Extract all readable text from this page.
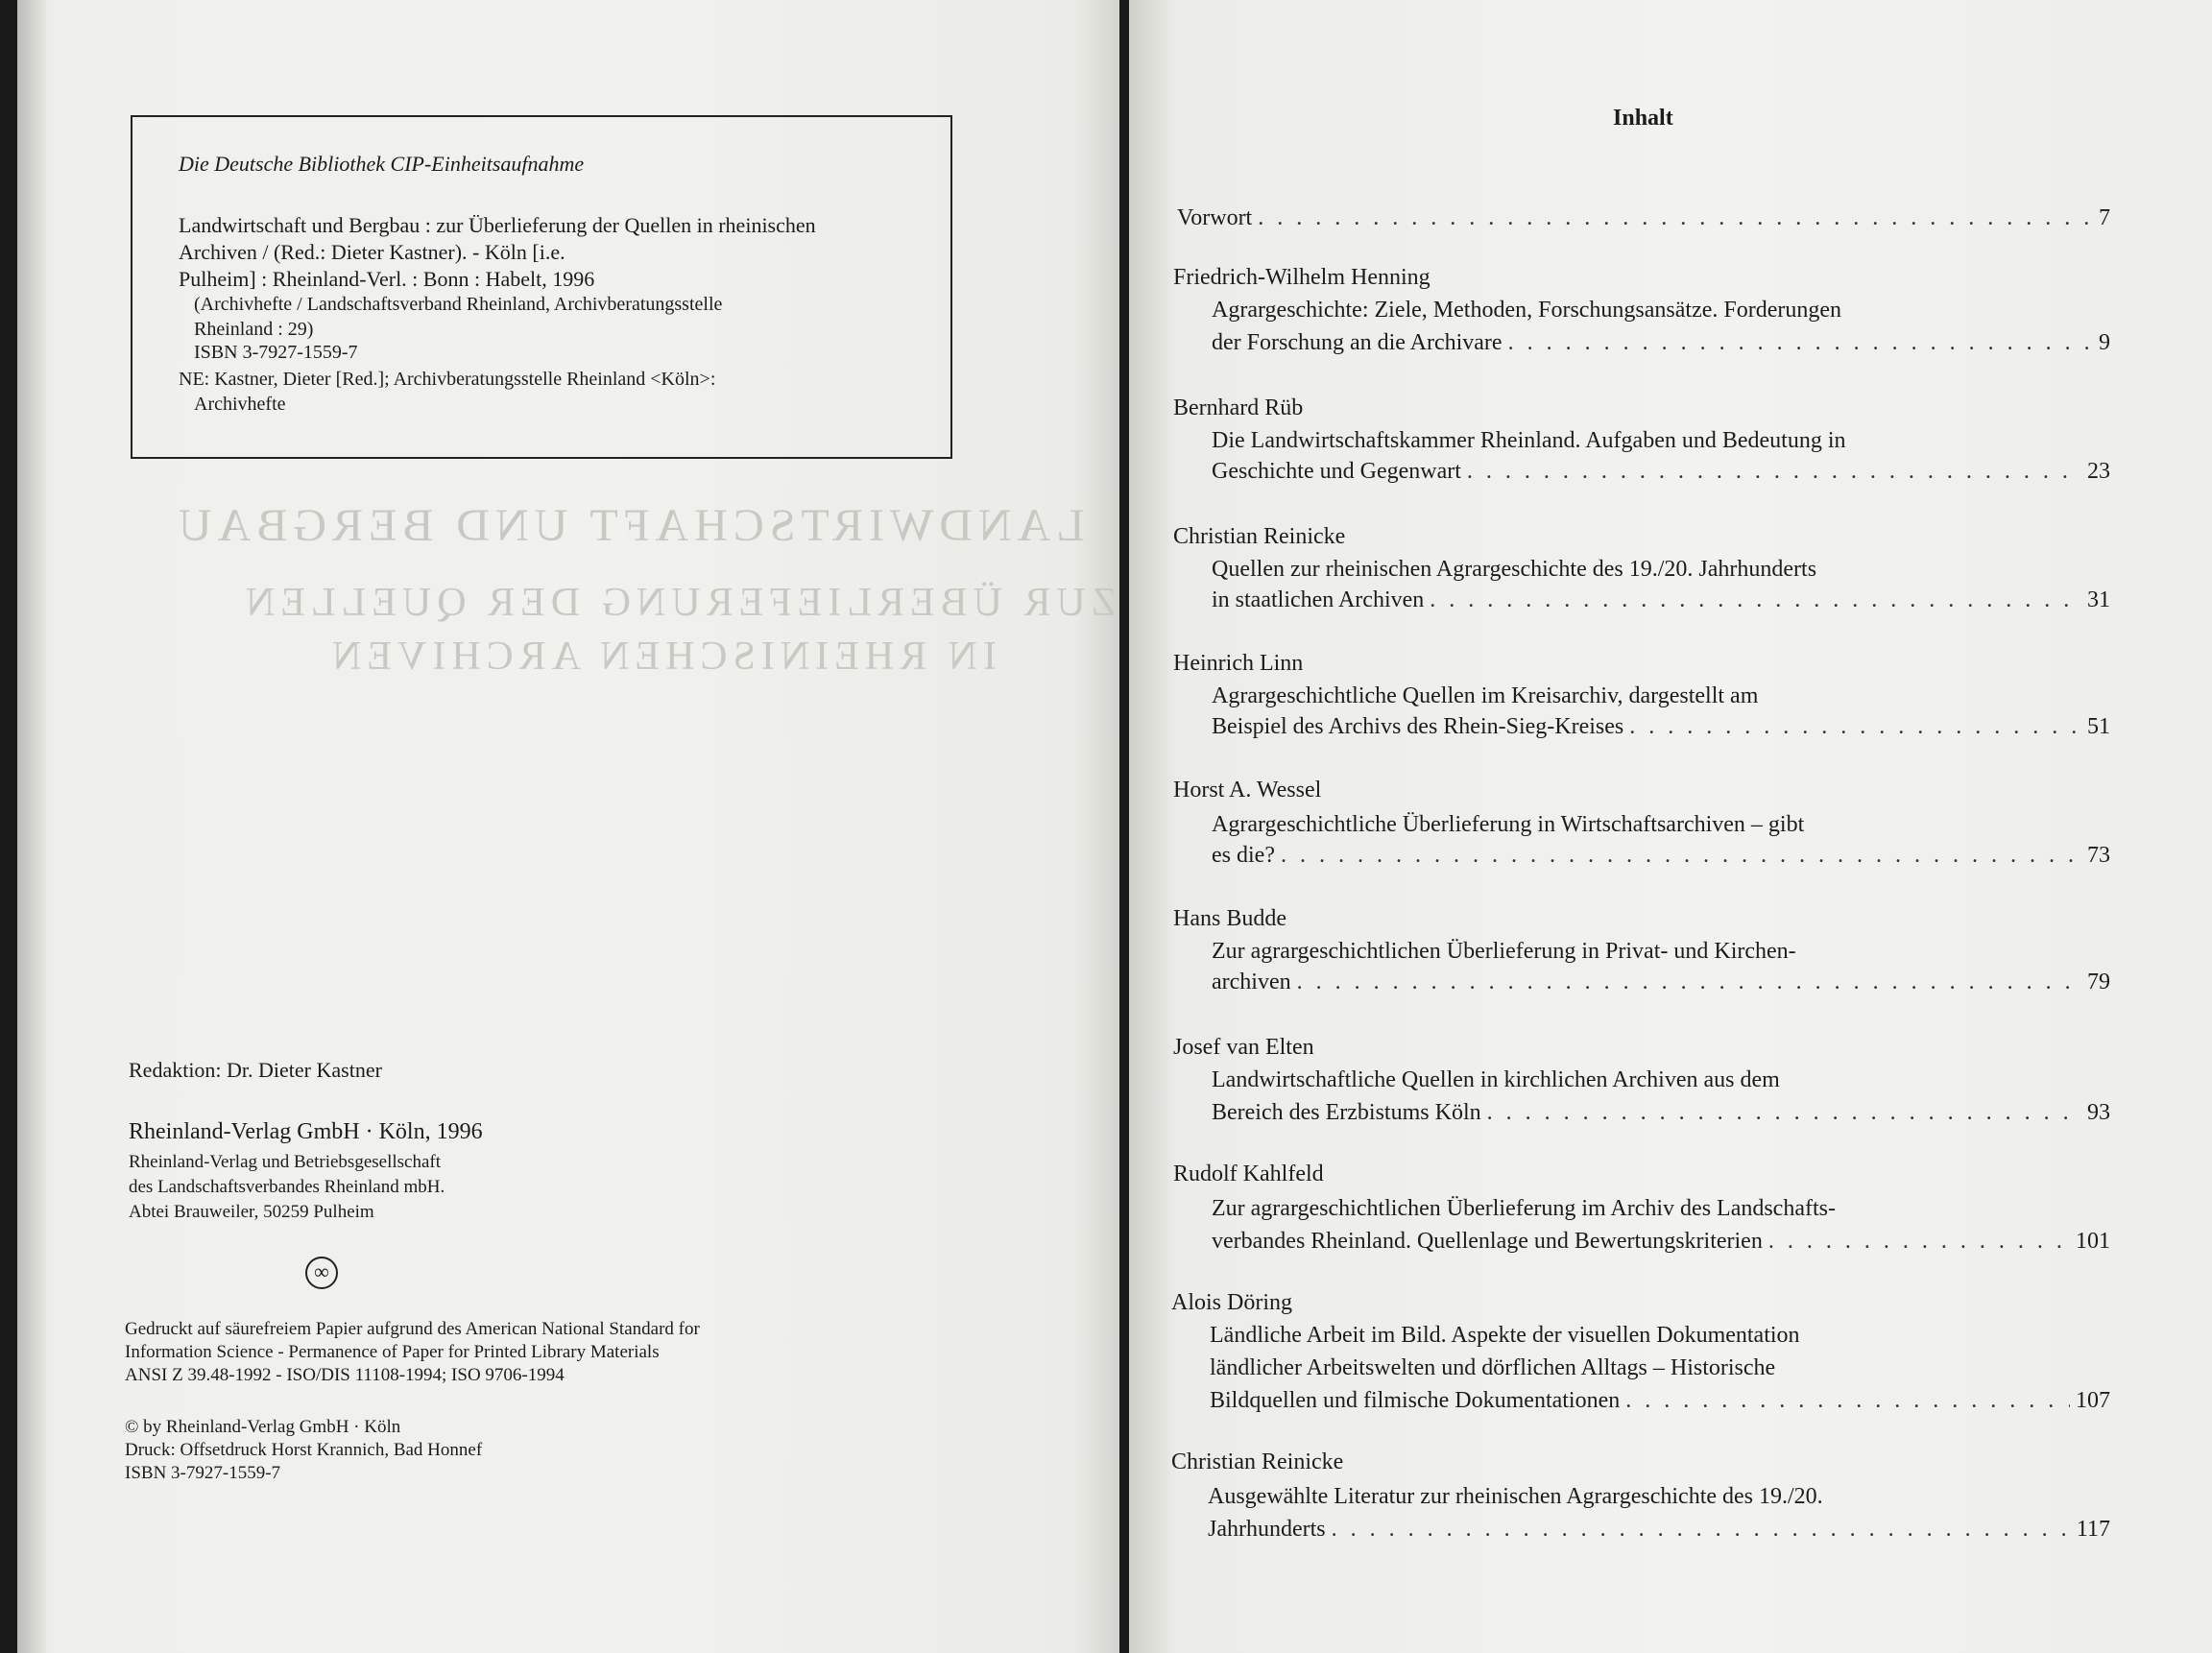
LANDWIRTSCHAFT UND BERGBAU
ZUR ÜBERLIEFERUNG DER QUELLEN
IN RHEINISCHEN ARCHIVEN
Die Deutsche Bibliothek CIP-Einheitsaufnahme
Landwirtschaft und Bergbau : zur Überlieferung der Quellen in rheinischen
Archiven / (Red.: Dieter Kastner). - Köln [i.e.
Pulheim] : Rheinland-Verl. : Bonn : Habelt, 1996
(Archivhefte / Landschaftsverband Rheinland, Archivberatungsstelle
Rheinland : 29)
ISBN 3-7927-1559-7
NE: Kastner, Dieter [Red.]; Archivberatungsstelle Rheinland <Köln>:
Archivhefte
Redaktion: Dr. Dieter Kastner
Rheinland-Verlag GmbH · Köln, 1996
Rheinland-Verlag und Betriebsgesellschaft
des Landschaftsverbandes Rheinland mbH.
Abtei Brauweiler, 50259 Pulheim
∞
Gedruckt auf säurefreiem Papier aufgrund des American National Standard for
Information Science - Permanence of Paper for Printed Library Materials
ANSI Z 39.48-1992 - ISO/DIS 11108-1994; ISO 9706-1994
© by Rheinland-Verlag GmbH · Köln
Druck: Offsetdruck Horst Krannich, Bad Honnef
ISBN 3-7927-1559-7
Inhalt
Vorwort . . .	7
Friedrich-Wilhelm Henning
Agrargeschichte: Ziele, Methoden, Forschungsansätze. Forderungen
der Forschung an die Archivare . . .	9
Bernhard Rüb
Die Landwirtschaftskammer Rheinland. Aufgaben und Bedeutung in
Geschichte und Gegenwart . . .	23
Christian Reinicke
Quellen zur rheinischen Agrargeschichte des 19./20. Jahrhunderts
in staatlichen Archiven . . .	31
Heinrich Linn
Agrargeschichtliche Quellen im Kreisarchiv, dargestellt am
Beispiel des Archivs des Rhein-Sieg-Kreises . . .	51
Horst A. Wessel
Agrargeschichtliche Überlieferung in Wirtschaftsarchiven – gibt
es die? . . .	73
Hans Budde
Zur agrargeschichtlichen Überlieferung in Privat- und Kirchen-
archiven . . .	79
Josef van Elten
Landwirtschaftliche Quellen in kirchlichen Archiven aus dem
Bereich des Erzbistums Köln . . .	93
Rudolf Kahlfeld
Zur agrargeschichtlichen Überlieferung im Archiv des Landschafts-
verbandes Rheinland. Quellenlage und Bewertungskriterien . . .	101
Alois Döring
Ländliche Arbeit im Bild. Aspekte der visuellen Dokumentation
ländlicher Arbeitswelten und dörflichen Alltags – Historische
Bildquellen und filmische Dokumentationen . . .	107
Christian Reinicke
Ausgewählte Literatur zur rheinischen Agrargeschichte des 19./20.
Jahrhunderts . . .	117
